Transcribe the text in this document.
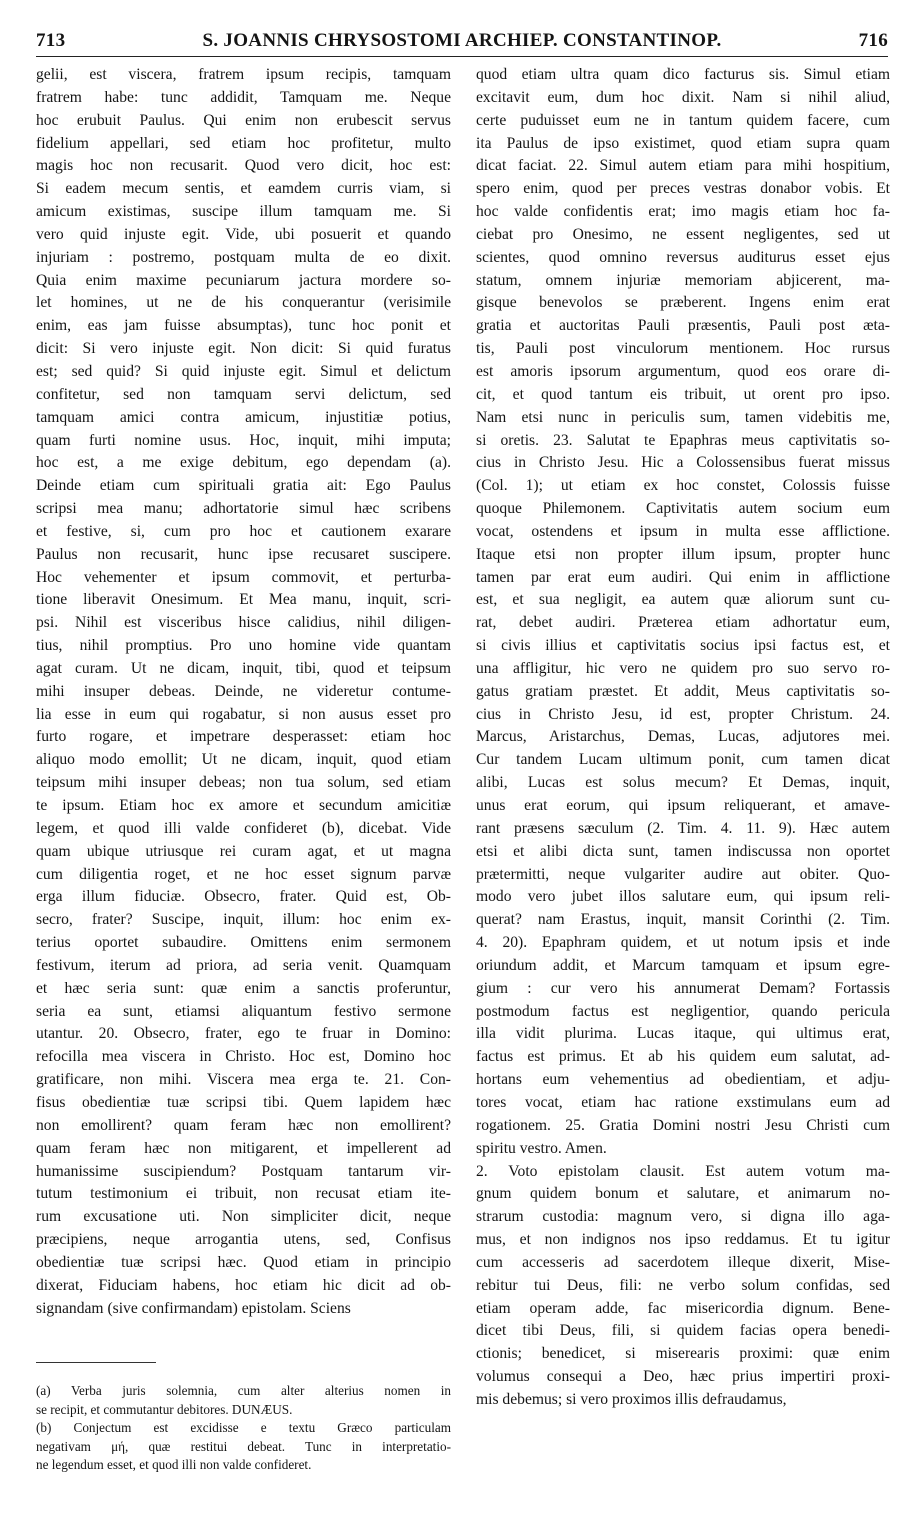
713	S. JOANNIS CHRYSOSTOMI ARCHIEP. CONSTANTINOP.	716
gelii, est viscera, fratrem ipsum recipis, tamquam
fratrem habe: tunc addidit, Tamquam me. Neque
hoc erubuit Paulus. Qui enim non erubescit servus
fidelium appellari, sed etiam hoc profitetur, multo
magis hoc non recusarit. Quod vero dicit, hoc est:
Si eadem mecum sentis, et eamdem curris viam, si
amicum existimas, suscipe illum tamquam me. Si
vero quid injuste egit. Vide, ubi posuerit et quando
injuriam : postremo, postquam multa de eo dixit.
Quia enim maxime pecuniarum jactura mordere so-
let homines, ut ne de his conquerantur (verisimile
enim, eas jam fuisse absumptas), tunc hoc ponit et
dicit: Si vero injuste egit. Non dicit: Si quid furatus
est; sed quid? Si quid injuste egit. Simul et delictum
confitetur, sed non tamquam servi delictum, sed
tamquam amici contra amicum, injustitiæ potius,
quam furti nomine usus. Hoc, inquit, mihi imputa;
hoc est, a me exige debitum, ego dependam (a).
Deinde etiam cum spirituali gratia ait: Ego Paulus
scripsi mea manu; adhortatorie simul hæc scribens
et festive, si, cum pro hoc et cautionem exarare
Paulus non recusarit, hunc ipse recusaret suscipere.
Hoc vehementer et ipsum commovit, et perturba-
tione liberavit Onesimum. Et Mea manu, inquit, scri-
psi. Nihil est visceribus hisce calidius, nihil diligen-
tius, nihil promptius. Pro uno homine vide quantam
agat curam. Ut ne dicam, inquit, tibi, quod et teipsum
mihi insuper debeas. Deinde, ne videretur contume-
lia esse in eum qui rogabatur, si non ausus esset pro
furto rogare, et impetrare desperasset: etiam hoc
aliquo modo emollit; Ut ne dicam, inquit, quod etiam
teipsum mihi insuper debeas; non tua solum, sed etiam
te ipsum. Etiam hoc ex amore et secundum amicitiæ
legem, et quod illi valde confideret (b), dicebat. Vide
quam ubique utriusque rei curam agat, et ut magna
cum diligentia roget, et ne hoc esset signum parvæ
erga illum fiduciæ. Obsecro, frater. Quid est, Ob-
secro, frater? Suscipe, inquit, illum: hoc enim ex-
terius oportet subaudire. Omittens enim sermonem
festivum, iterum ad priora, ad seria venit. Quamquam
et hæc seria sunt: quæ enim a sanctis proferuntur,
seria ea sunt, etiamsi aliquantum festivo sermone
utantur. 20. Obsecro, frater, ego te fruar in Domino:
refocilla mea viscera in Christo. Hoc est, Domino hoc
gratificare, non mihi. Viscera mea erga te. 21. Con-
fisus obedientiæ tuæ scripsi tibi. Quem lapidem hæc
non emollirent? quam feram hæc non emollirent?
quam feram hæc non mitigarent, et impellerent ad
humanissime suscipiendum? Postquam tantarum vir-
tutum testimonium ei tribuit, non recusat etiam ite-
rum excusatione uti. Non simpliciter dicit, neque
præcipiens, neque arrogantia utens, sed, Confisus
obedientiæ tuæ scripsi hæc. Quod etiam in principio
dixerat, Fiduciam habens, hoc etiam hic dicit ad ob-
signandam (sive confirmandam) epistolam. Sciens
quod etiam ultra quam dico facturus sis. Simul etiam
excitavit eum, dum hoc dixit. Nam si nihil aliud,
certe puduisset eum ne in tantum quidem facere, cum
ita Paulus de ipso existimet, quod etiam supra quam
dicat faciat. 22. Simul autem etiam para mihi hospitium,
spero enim, quod per preces vestras donabor vobis. Et
hoc valde confidentis erat; imo magis etiam hoc fa-
ciebat pro Onesimo, ne essent negligentes, sed ut
scientes, quod omnino reversus auditurus esset ejus
statum, omnem injuriæ memoriam abjicerent, ma-
gisque benevolos se præberent. Ingens enim erat
gratia et auctoritas Pauli præsentis, Pauli post æta-
tis, Pauli post vinculorum mentionem. Hoc rursus
est amoris ipsorum argumentum, quod eos orare di-
cit, et quod tantum eis tribuit, ut orent pro ipso.
Nam etsi nunc in periculis sum, tamen videbitis me,
si oretis. 23. Salutat te Epaphras meus captivitatis so-
cius in Christo Jesu. Hic a Colossensibus fuerat missus
(Col. 1); ut etiam ex hoc constet, Colossis fuisse
quoque Philemonem. Captivitatis autem socium eum
vocat, ostendens et ipsum in multa esse afflictione.
Itaque etsi non propter illum ipsum, propter hunc
tamen par erat eum audiri. Qui enim in afflictione
est, et sua negligit, ea autem quæ aliorum sunt cu-
rat, debet audiri. Præterea etiam adhortatur eum,
si civis illius et captivitatis socius ipsi factus est, et
una affligitur, hic vero ne quidem pro suo servo ro-
gatus gratiam præstet. Et addit, Meus captivitatis so-
cius in Christo Jesu, id est, propter Christum. 24.
Marcus, Aristarchus, Demas, Lucas, adjutores mei.
Cur tandem Lucam ultimum ponit, cum tamen dicat
alibi, Lucas est solus mecum? Et Demas, inquit,
unus erat eorum, qui ipsum reliquerant, et amave-
rant præsens sæculum (2. Tim. 4. 11. 9). Hæc autem
etsi et alibi dicta sunt, tamen indiscussa non oportet
prætermitti, neque vulgariter audire aut obiter. Quo-
modo vero jubet illos salutare eum, qui ipsum reli-
querat? nam Erastus, inquit, mansit Corinthi (2. Tim.
4. 20). Epaphram quidem, et ut notum ipsis et inde
oriundum addit, et Marcum tamquam et ipsum egre-
gium : cur vero his annumerat Demam? Fortassis
postmodum factus est negligentior, quando pericula
illa vidit plurima. Lucas itaque, qui ultimus erat,
factus est primus. Et ab his quidem eum salutat, ad-
hortans eum vehementius ad obedientiam, et adju-
tores vocat, etiam hac ratione exstimulans eum ad
rogationem. 25. Gratia Domini nostri Jesu Christi cum
spiritu vestro. Amen.
2. Voto epistolam clausit. Est autem votum ma-
gnum quidem bonum et salutare, et animarum no-
strarum custodia: magnum vero, si digna illo aga-
mus, et non indignos nos ipso reddamus. Et tu igitur
cum accesseris ad sacerdotem illeque dixerit, Mise-
rebitur tui Deus, fili: ne verbo solum confidas, sed
etiam operam adde, fac misericordia dignum. Bene-
dicet tibi Deus, fili, si quidem facias opera benedi-
ctionis; benedicet, si miserearis proximi: quæ enim
volumus consequi a Deo, hæc prius impertiri proxi-
mis debemus; si vero proximos illis defraudamus,
(a) Verba juris solemnia, cum alter alterius nomen in
se recipit, et commutantur debitores. DUNÆUS.
(b) Conjectum est excidisse e textu Græco particulam
negativam μή, quæ restitui debeat. Tunc in interpretatio-
ne legendum esset, et quod illi non valde confideret.
